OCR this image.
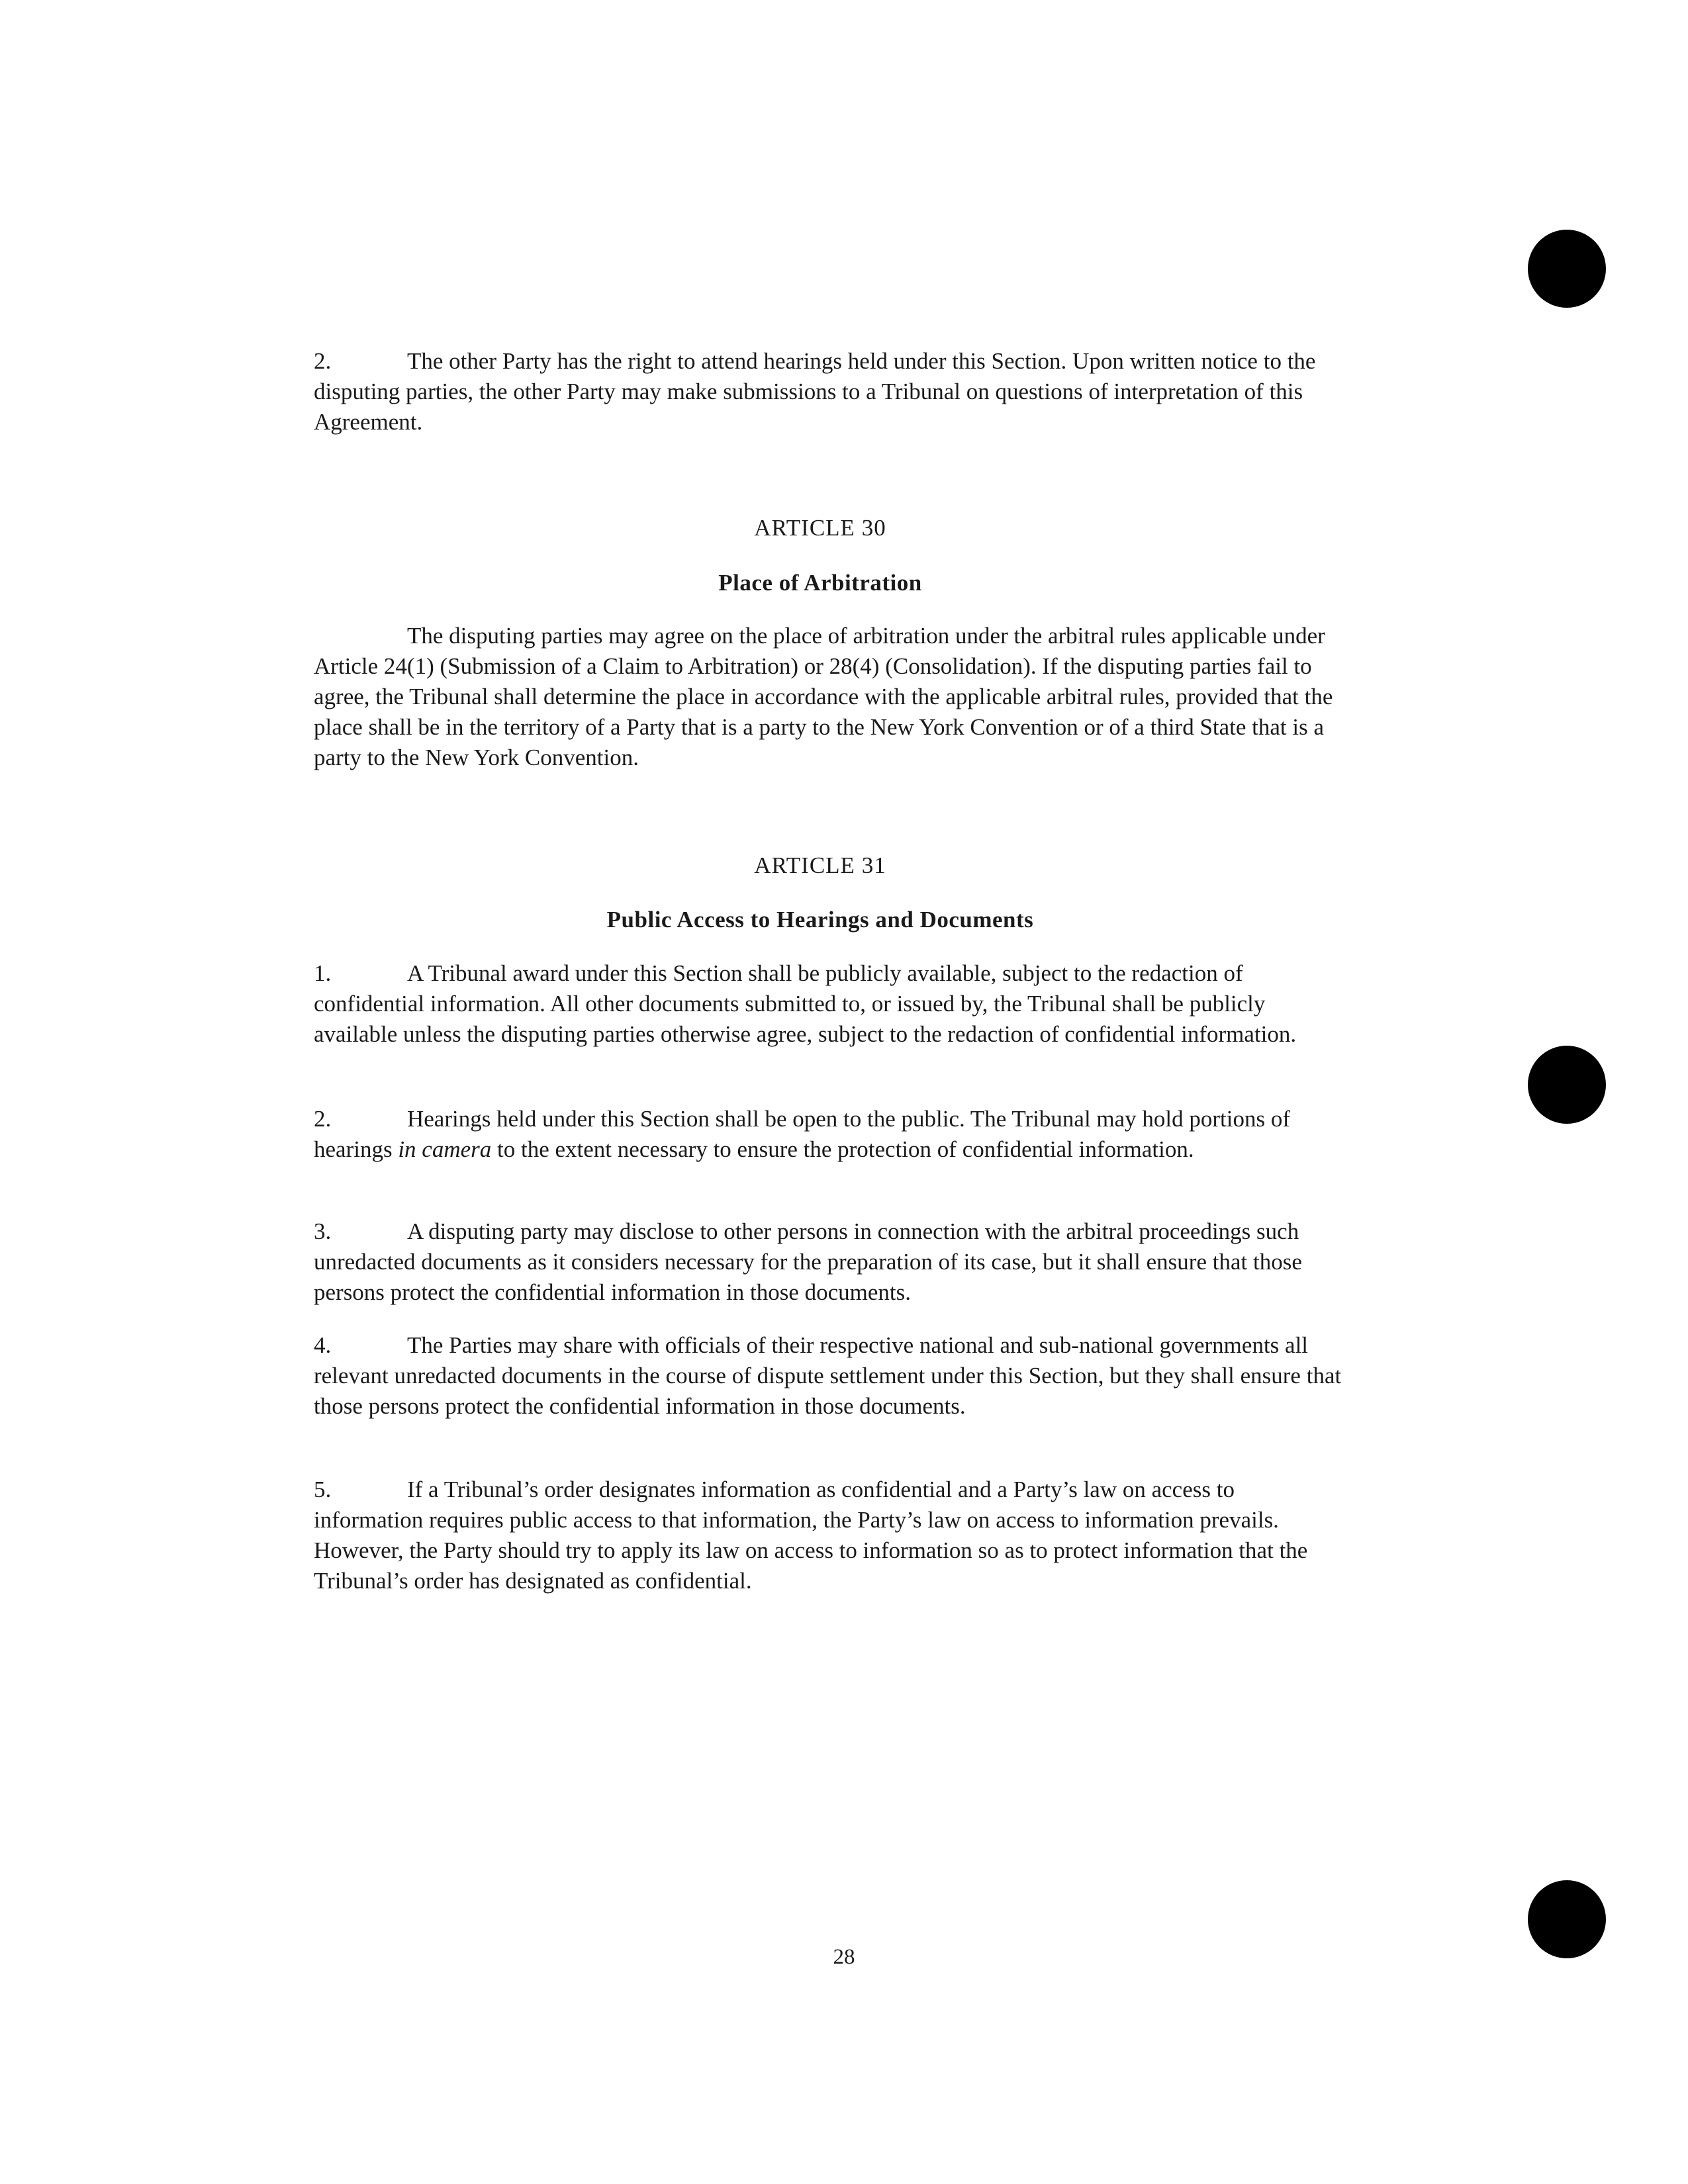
2.	The other Party has the right to attend hearings held under this Section. Upon written notice to the disputing parties, the other Party may make submissions to a Tribunal on questions of interpretation of this Agreement.

ARTICLE 30
Place of Arbitration

The disputing parties may agree on the place of arbitration under the arbitral rules applicable under Article 24(1) (Submission of a Claim to Arbitration) or 28(4) (Consolidation). If the disputing parties fail to agree, the Tribunal shall determine the place in accordance with the applicable arbitral rules, provided that the place shall be in the territory of a Party that is a party to the New York Convention or of a third State that is a party to the New York Convention.

ARTICLE 31
Public Access to Hearings and Documents

1.	A Tribunal award under this Section shall be publicly available, subject to the redaction of confidential information. All other documents submitted to, or issued by, the Tribunal shall be publicly available unless the disputing parties otherwise agree, subject to the redaction of confidential information.

2.	Hearings held under this Section shall be open to the public. The Tribunal may hold portions of hearings in camera to the extent necessary to ensure the protection of confidential information.

3.	A disputing party may disclose to other persons in connection with the arbitral proceedings such unredacted documents as it considers necessary for the preparation of its case, but it shall ensure that those persons protect the confidential information in those documents.

4.	The Parties may share with officials of their respective national and sub-national governments all relevant unredacted documents in the course of dispute settlement under this Section, but they shall ensure that those persons protect the confidential information in those documents.

5.	If a Tribunal’s order designates information as confidential and a Party’s law on access to information requires public access to that information, the Party’s law on access to information prevails. However, the Party should try to apply its law on access to information so as to protect information that the Tribunal’s order has designated as confidential.

28
